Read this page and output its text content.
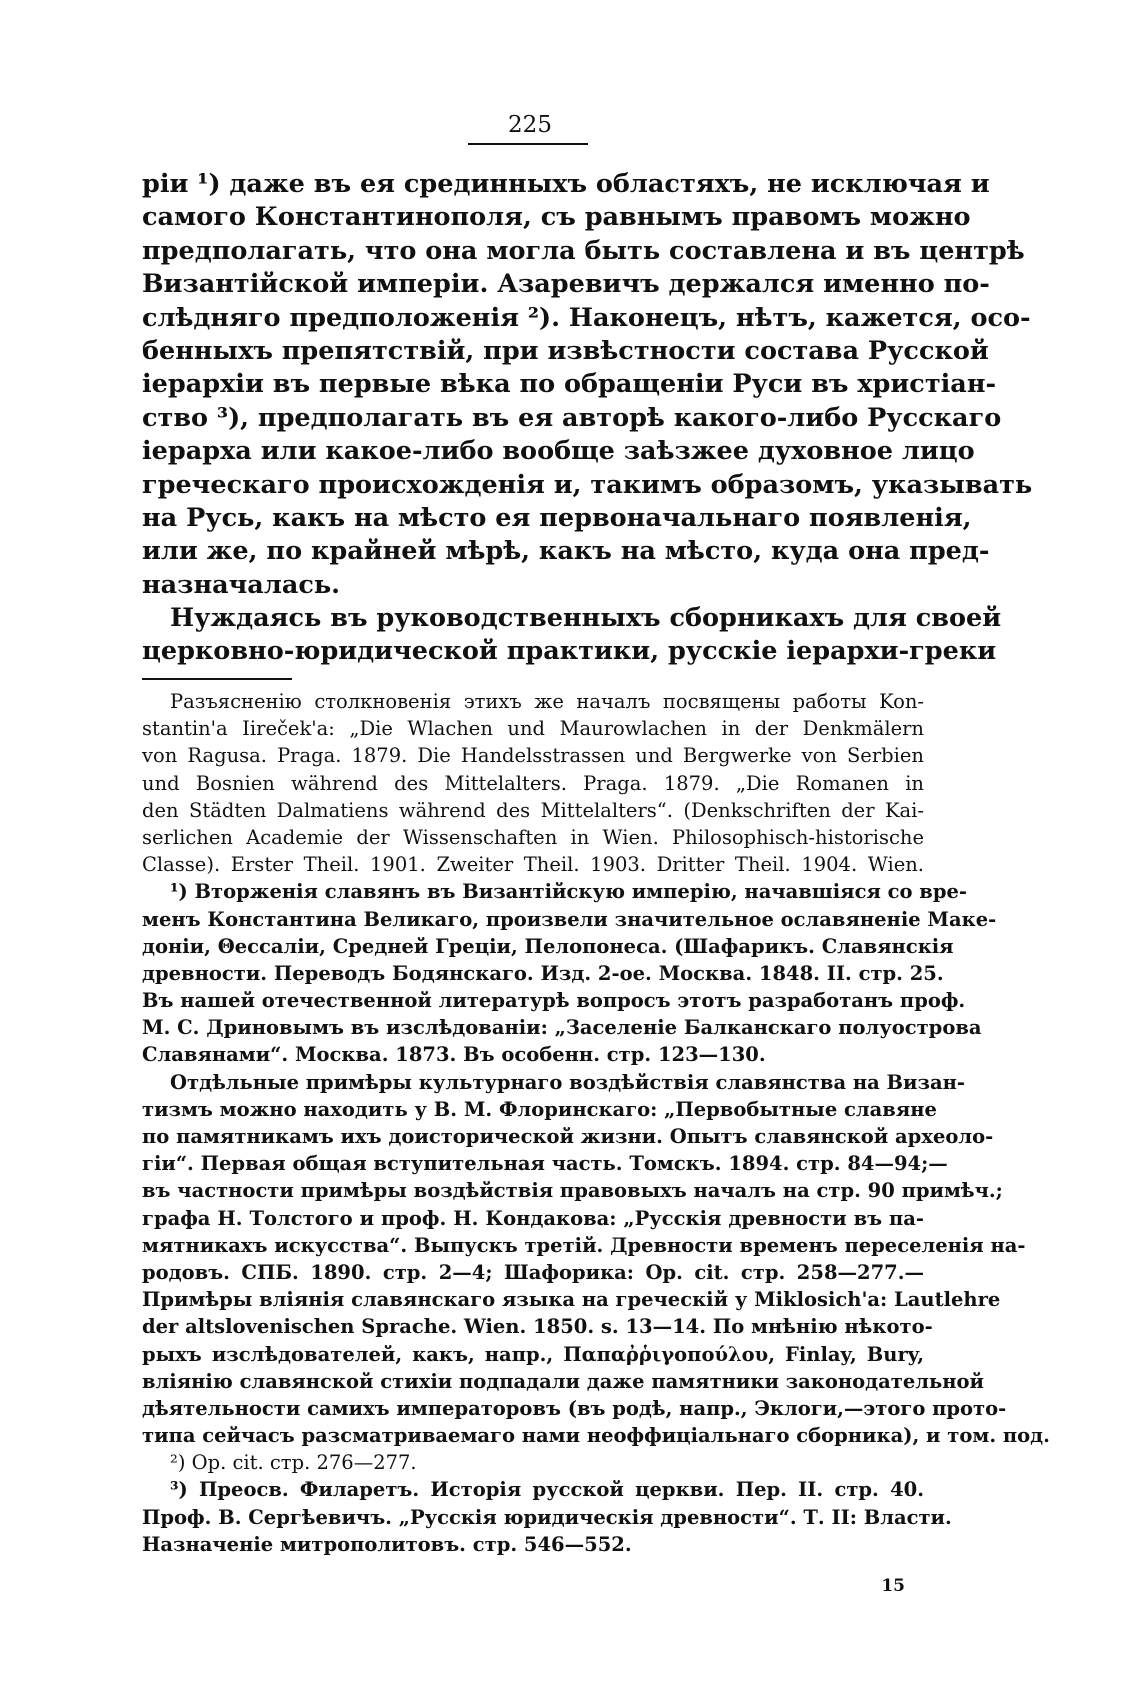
225
ріи ¹) даже въ ея срединныхъ областяхъ, не исключая и
самого Константинополя, съ равнымъ правомъ можно
предполагать, что она могла быть составлена и въ центрѣ
Византійской имперіи. Азаревичъ держался именно по-
слѣдняго предположенія ²). Наконецъ, нѣтъ, кажется, осо-
бенныхъ препятствій, при извѣстности состава Русской
іерархіи въ первые вѣка по обращеніи Руси въ христіан-
ство ³), предполагать въ ея авторѣ какого-либо Русскаго
іерарха или какое-либо вообще заѣзжее духовное лицо
греческаго происхожденія и, такимъ образомъ, указывать
на Русь, какъ на мѣсто ея первоначальнаго появленія,
или же, по крайней мѣрѣ, какъ на мѣсто, куда она пред-
назначалась.
Нуждаясь въ руководственныхъ сборникахъ для своей
церковно-юридической практики, русскіе іерархи-греки
Разъясненію столкновенія этихъ же началъ посвящены работы Kon-
stantin'a Iireček'a: „Die Wlachen und Maurowlachen in der Denkmälern
von Ragusa. Praga. 1879. Die Handelsstrassen und Bergwerke von Serbien
und Bosnien während des Mittelalters. Praga. 1879. „Die Romanen in
den Städten Dalmatiens während des Mittelalters“. (Denkschriften der Kai-
serlichen Academie der Wissenschaften in Wien. Philosophisch-historische
Classe). Erster Theil. 1901. Zweiter Theil. 1903. Dritter Theil. 1904. Wien.
¹) Вторженія славянъ въ Византійскую имперію, начавшіяся со вре-
менъ Константина Великаго, произвели значительное ославяненіе Маке-
доніи, Θессаліи, Средней Греціи, Пелопонеса. (Шафарикъ. Славянскія
древности. Переводъ Бодянскаго. Изд. 2-ое. Москва. 1848. II. стр. 25.
Въ нашей отечественной литературѣ вопросъ этотъ разработанъ проф.
М. С. Дриновымъ въ изслѣдованіи: „Заселеніе Балканскаго полуострова
Славянами“. Москва. 1873. Въ особенн. стр. 123—130.
Отдѣльные примѣры культурнаго воздѣйствія славянства на Визан-
тизмъ можно находить у В. М. Флоринскаго: „Первобытные славяне
по памятникамъ ихъ доисторической жизни. Опытъ славянской археоло-
гіи“. Первая общая вступительная часть. Томскъ. 1894. стр. 84—94;—
въ частности примѣры воздѣйствія правовыхъ началъ на стр. 90 примѣч.;
графа Н. Толстого и проф. Н. Кондакова: „Русскія древности въ па-
мятникахъ искусства“. Выпускъ третій. Древности временъ переселенія на-
родовъ. СПБ. 1890. стр. 2—4; Шафорика: Op. cit. стр. 258—277.—
Примѣры вліянія славянскаго языка на греческій у Miklosich'a: Lautlehre
der altslovenischen Sprache. Wien. 1850. s. 13—14. По мнѣнію нѣкото-
рыхъ изслѣдователей, какъ, напр., Παπαῤῥιγοπούλου, Finlay, Bury,
вліянію славянской стихіи подпадали даже памятники законодательной
дѣятельности самихъ императоровъ (въ родѣ, напр., Эклоги,—этого прото-
типа сейчасъ разсматриваемаго нами неоффиціальнаго сборника), и том. под.
²) Op. cit. стр. 276—277.
³) Преосв. Филаретъ. Исторія русской церкви. Пер. II. стр. 40.
Проф. В. Сергѣевичъ. „Русскія юридическія древности“. Т. II: Власти.
Назначеніе митрополитовъ. стр. 546—552.
15
